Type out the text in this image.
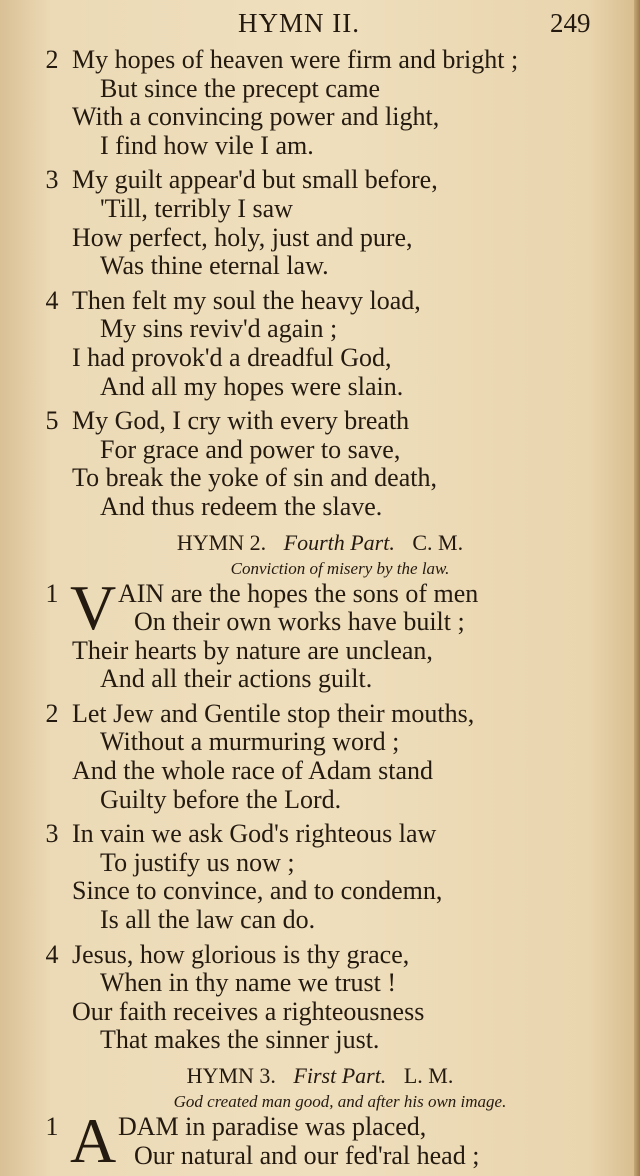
HYMN II.	249
2 My hopes of heaven were firm and bright ;
But since the precept came
With a convincing power and light,
I find how vile I am.
3 My guilt appear'd but small before,
'Till, terribly I saw
How perfect, holy, just and pure,
Was thine eternal law.
4 Then felt my soul the heavy load,
My sins reviv'd again ;
I had provok'd a dreadful God,
And all my hopes were slain.
5 My God, I cry with every breath
For grace and power to save,
To break the yoke of sin and death,
And thus redeem the slave.
HYMN 2. Fourth Part. C. M.
Conviction of misery by the law.
1 V AIN are the hopes the sons of men
On their own works have built ;
Their hearts by nature are unclean,
And all their actions guilt.
2 Let Jew and Gentile stop their mouths,
Without a murmuring word ;
And the whole race of Adam stand
Guilty before the Lord.
3 In vain we ask God's righteous law
To justify us now ;
Since to convince, and to condemn,
Is all the law can do.
4 Jesus, how glorious is thy grace,
When in thy name we trust !
Our faith receives a righteousness
That makes the sinner just.
HYMN 3. First Part. L. M.
God created man good, and after his own image.
1 A DAM in paradise was placed,
Our natural and our fed'ral head ;
